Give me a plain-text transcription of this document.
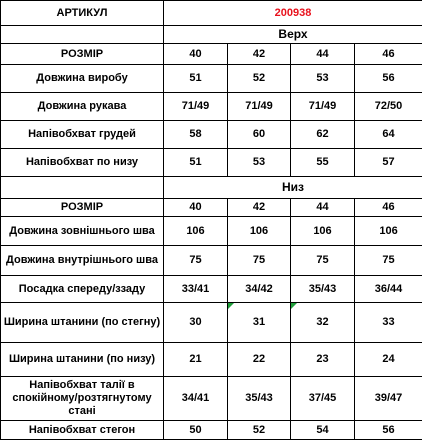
АРТИКУЛ	200938			
	Верх			
РОЗМІР	40	42	44	46
Довжина виробу	51	52	53	56
Довжина рукава	71/49	71/49	71/49	72/50
Напівобхват грудей	58	60	62	64
Напівобхват по низу	51	53	55	57
	Низ			
РОЗМІР	40	42	44	46
Довжина зовнішнього шва	106	106	106	106
Довжина внутрішнього шва	75	75	75	75
Посадка спереду/ззаду	33/41	34/42	35/43	36/44
Ширина штанини (по стегну)	30	31	32	33
Ширина штанини (по низу)	21	22	23	24
Напівобхват талії в спокійному/розтягнутому стані	34/41	35/43	37/45	39/47
Напівобхват стегон	50	52	54	56
